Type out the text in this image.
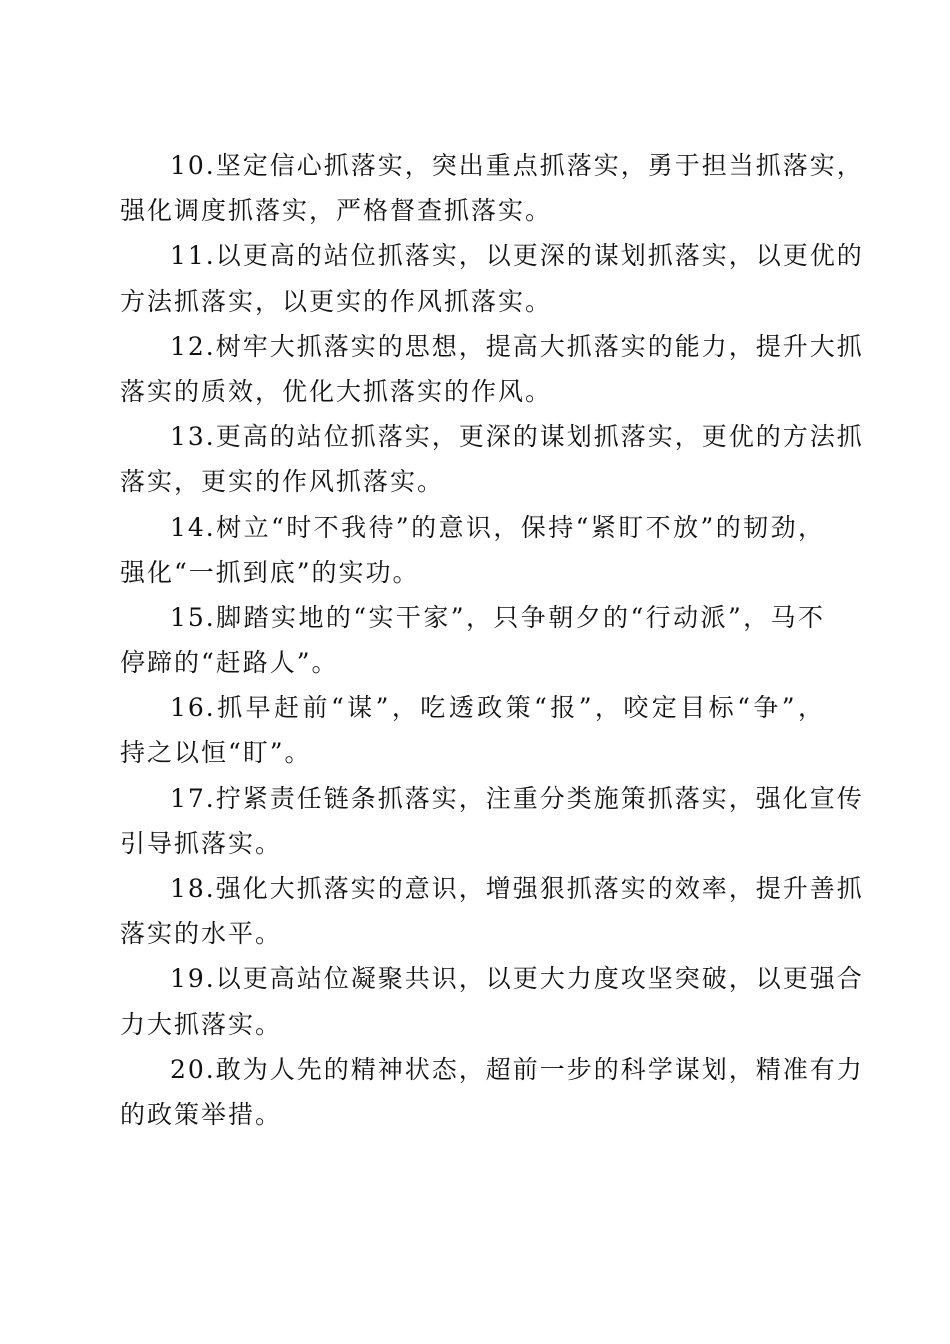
10.坚定信心抓落实，突出重点抓落实，勇于担当抓落实，
强化调度抓落实，严格督查抓落实。

11.以更高的站位抓落实，以更深的谋划抓落实，以更优的
方法抓落实，以更实的作风抓落实。

12.树牢大抓落实的思想，提高大抓落实的能力，提升大抓
落实的质效，优化大抓落实的作风。

13.更高的站位抓落实，更深的谋划抓落实，更优的方法抓
落实，更实的作风抓落实。

14.树立“时不我待”的意识，保持“紧盯不放”的韧劲，
强化“一抓到底”的实功。

15.脚踏实地的“实干家”，只争朝夕的“行动派”，马不
停蹄的“赶路人”。

16.抓早赶前“谋”，吃透政策“报”，咬定目标“争”，
持之以恒“盯”。

17.拧紧责任链条抓落实，注重分类施策抓落实，强化宣传
引导抓落实。

18.强化大抓落实的意识，增强狠抓落实的效率，提升善抓
落实的水平。

19.以更高站位凝聚共识，以更大力度攻坚突破，以更强合
力大抓落实。

20.敢为人先的精神状态，超前一步的科学谋划，精准有力
的政策举措。
